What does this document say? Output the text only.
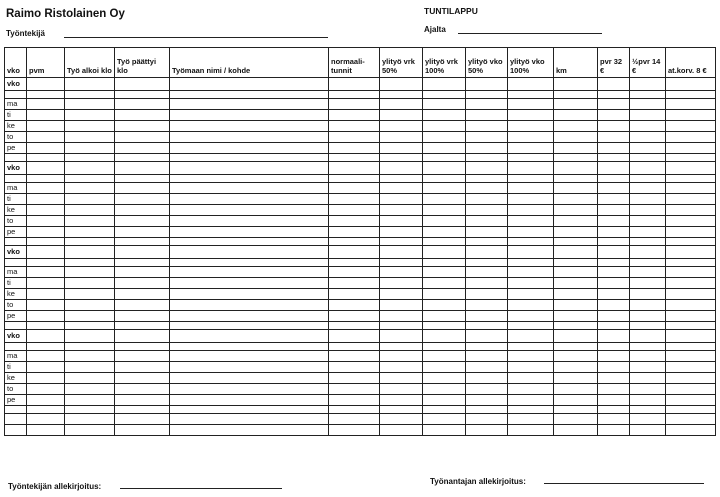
Raimo Ristolainen Oy	TUNTILAPPU
Työntekijä	Ajalta
vko	pvm	Työ alkoi klo	Työ päättyi klo	Työmaan nimi / kohde	normaali- tunnit	ylityö vrk 50%	ylityö vrk 100%	ylityö vko 50%	ylityö vko 100%	km	pvr 32 €	½pvr 14 €	at.korv. 8 €
vko													

ma													
ti													
ke													
to													
pe													

vko													

ma													
ti													
ke													
to													
pe													

vko													

ma													
ti													
ke													
to													
pe													

vko													

ma													
ti													
ke													
to													
pe													

Työntekijän allekirjoitus:
Työnantajan allekirjoitus:
